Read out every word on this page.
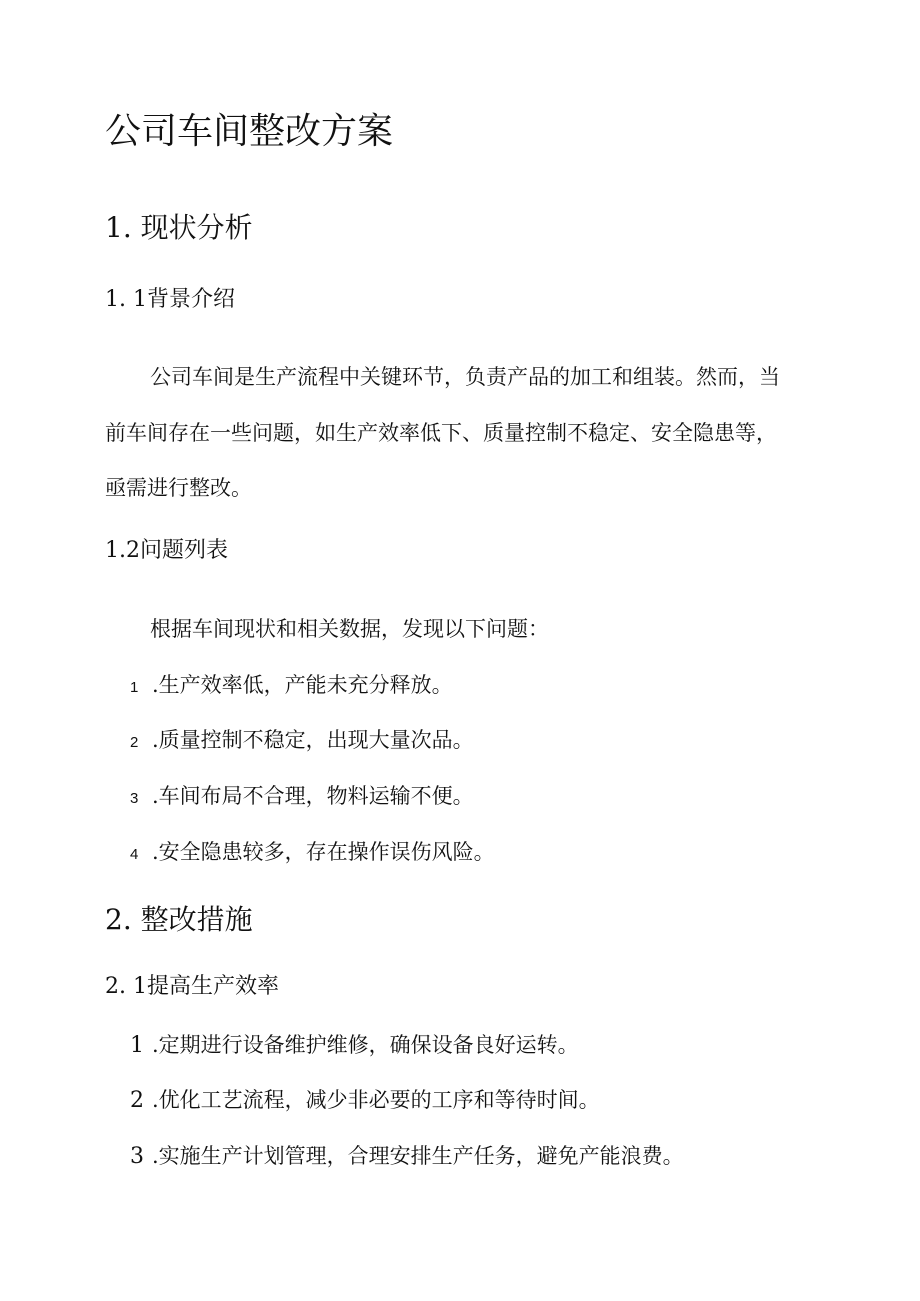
公司车间整改方案
1. 现状分析
1. 1背景介绍
公司车间是生产流程中关键环节，负责产品的加工和组装。然而，当
前车间存在一些问题，如生产效率低下、质量控制不稳定、安全隐患等，
亟需进行整改。
1.2问题列表
根据车间现状和相关数据，发现以下问题：
1 .生产效率低，产能未充分释放。
2 .质量控制不稳定，出现大量次品。
3 .车间布局不合理，物料运输不便。
4 .安全隐患较多，存在操作误伤风险。
2. 整改措施
2. 1提高生产效率
1 .定期进行设备维护维修，确保设备良好运转。
2 .优化工艺流程，减少非必要的工序和等待时间。
3 .实施生产计划管理，合理安排生产任务，避免产能浪费。
